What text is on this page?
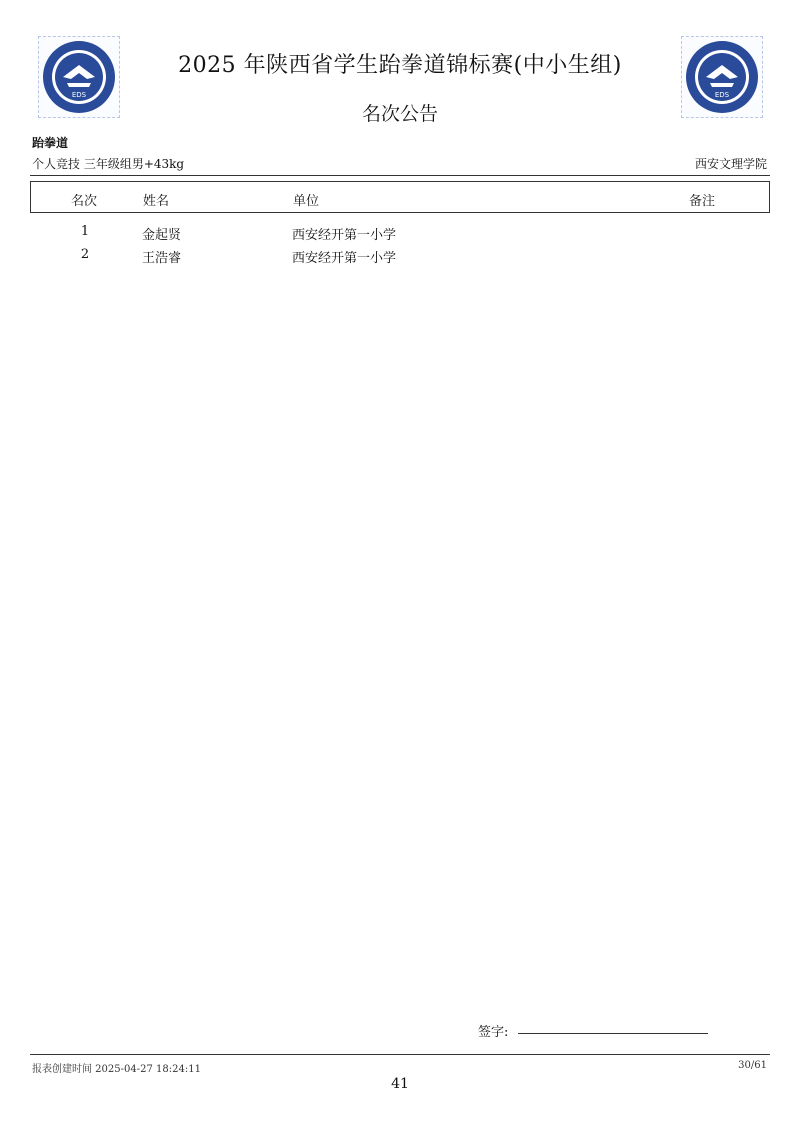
EDS	EDS
2025 年陕西省学生跆拳道锦标赛(中小生组)
名次公告
跆拳道
个人竞技 三年级组男+43kg	西安文理学院
名次	姓名	单位	备注
1	金起贤	西安经开第一小学
2	王浩睿	西安经开第一小学
签字:
报表创建时间 2025-04-27 18:24:11	30/61
41
